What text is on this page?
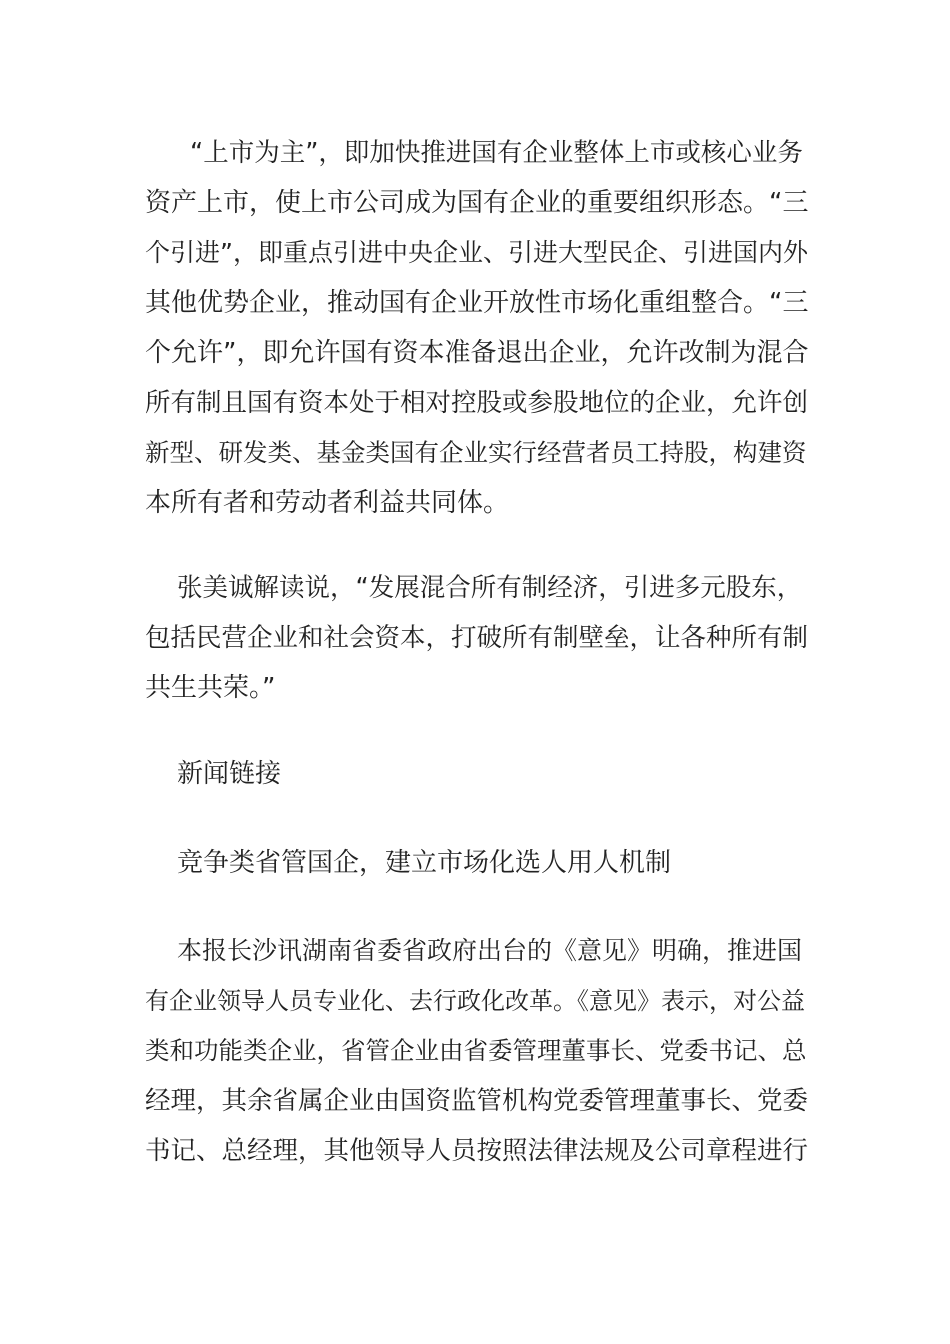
“上市为主”，即加快推进国有企业整体上市或核心业务
资产上市，使上市公司成为国有企业的重要组织形态。“三
个引进”，即重点引进中央企业、引进大型民企、引进国内外
其他优势企业，推动国有企业开放性市场化重组整合。“三
个允许”，即允许国有资本准备退出企业，允许改制为混合
所有制且国有资本处于相对控股或参股地位的企业，允许创
新型、研发类、基金类国有企业实行经营者员工持股，构建资
本所有者和劳动者利益共同体。
张美诚解读说，“发展混合所有制经济，引进多元股东，
包括民营企业和社会资本，打破所有制壁垒，让各种所有制
共生共荣。”
新闻链接
竞争类省管国企，建立市场化选人用人机制
本报长沙讯湖南省委省政府出台的《意见》明确，推进国
有企业领导人员专业化、去行政化改革。《意见》表示，对公益
类和功能类企业，省管企业由省委管理董事长、党委书记、总
经理，其余省属企业由国资监管机构党委管理董事长、党委
书记、总经理，其他领导人员按照法律法规及公司章程进行
